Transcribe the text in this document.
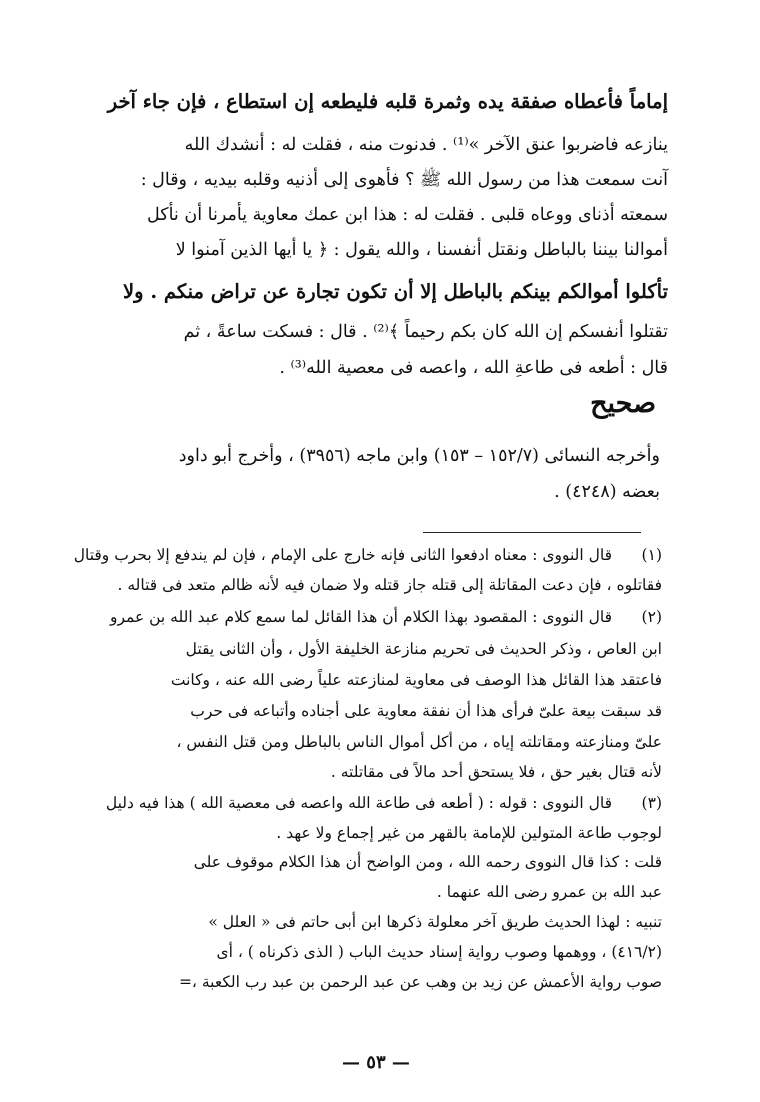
إماماً فأعطاه صفقة يده وثمرة قلبه فليطعه إن استطاع ، فإن جاء آخر
ينازعه فاضربوا عنق الآخر »⁽¹⁾ . فدنوت منه ، فقلت له : أنشدك الله
آنت سمعت هذا من رسول الله ﷺ ؟ فأهوى إلى أذنيه وقلبه بيديه ، وقال :
سمعته أذناى ووعاه قلبى . فقلت له : هذا ابن عمك معاوية يأمرنا أن نأكل
أموالنا بيننا بالباطل ونقتل أنفسنا ، والله يقول : ﴿ يا أيها الذين آمنوا لا
تأكلوا أموالكم بينكم بالباطل إلا أن تكون تجارة عن تراض منكم . ولا
تقتلوا أنفسكم إن الله كان بكم رحيماً ﴾⁽²⁾ . قال : فسكت ساعةً ، ثم
قال : أطعه فى طاعةِ الله ، واعصه فى معصية الله⁽³⁾ .
صحيح
وأخرجه النسائى (١٥٢/٧ – ١٥٣) وابن ماجه (٣٩٥٦) ، وأخرج أبو داود
بعضه (٤٢٤٨) .
(١)
قال النووى : معناه ادفعوا الثانى فإنه خارج على الإمام ، فإن لم يندفع إلا بحرب وقتال
فقاتلوه ، فإن دعت المقاتلة إلى قتله جاز قتله ولا ضمان فيه لأنه ظالم متعد فى قتاله .
(٢)
قال النووى : المقصود بهذا الكلام أن هذا القائل لما سمع كلام عبد الله بن عمرو
ابن العاص ، وذكر الحديث فى تحريم منازعة الخليفة الأول ، وأن الثانى يقتل
فاعتقد هذا القائل هذا الوصف فى معاوية لمنازعته علياً رضى الله عنه ، وكانت
قد سبقت بيعة علىّ فرأى هذا أن نفقة معاوية على أجناده وأتباعه فى حرب
علىّ ومنازعته ومقاتلته إياه ، من أكل أموال الناس بالباطل ومن قتل النفس ،
لأنه قتال بغير حق ، فلا يستحق أحد مالاً فى مقاتلته .
(٣)
قال النووى : قوله : ( أطعه فى طاعة الله واعصه فى معصية الله ) هذا فيه دليل
لوجوب طاعة المتولين للإمامة بالقهر من غير إجماع ولا عهد .
قلت : كذا قال النووى رحمه الله ، ومن الواضح أن هذا الكلام موقوف على
عبد الله بن عمرو رضى الله عنهما .
تنبيه : لهذا الحديث طريق آخر معلولة ذكرها ابن أبى حاتم فى « العلل »
(٤١٦/٢) ، ووهمها وصوب رواية إسناد حديث الباب ( الذى ذكرناه ) ، أى
صوب رواية الأعمش عن زيد بن وهب عن عبد الرحمن بن عبد رب الكعبة ،=
— ٥٣ —
